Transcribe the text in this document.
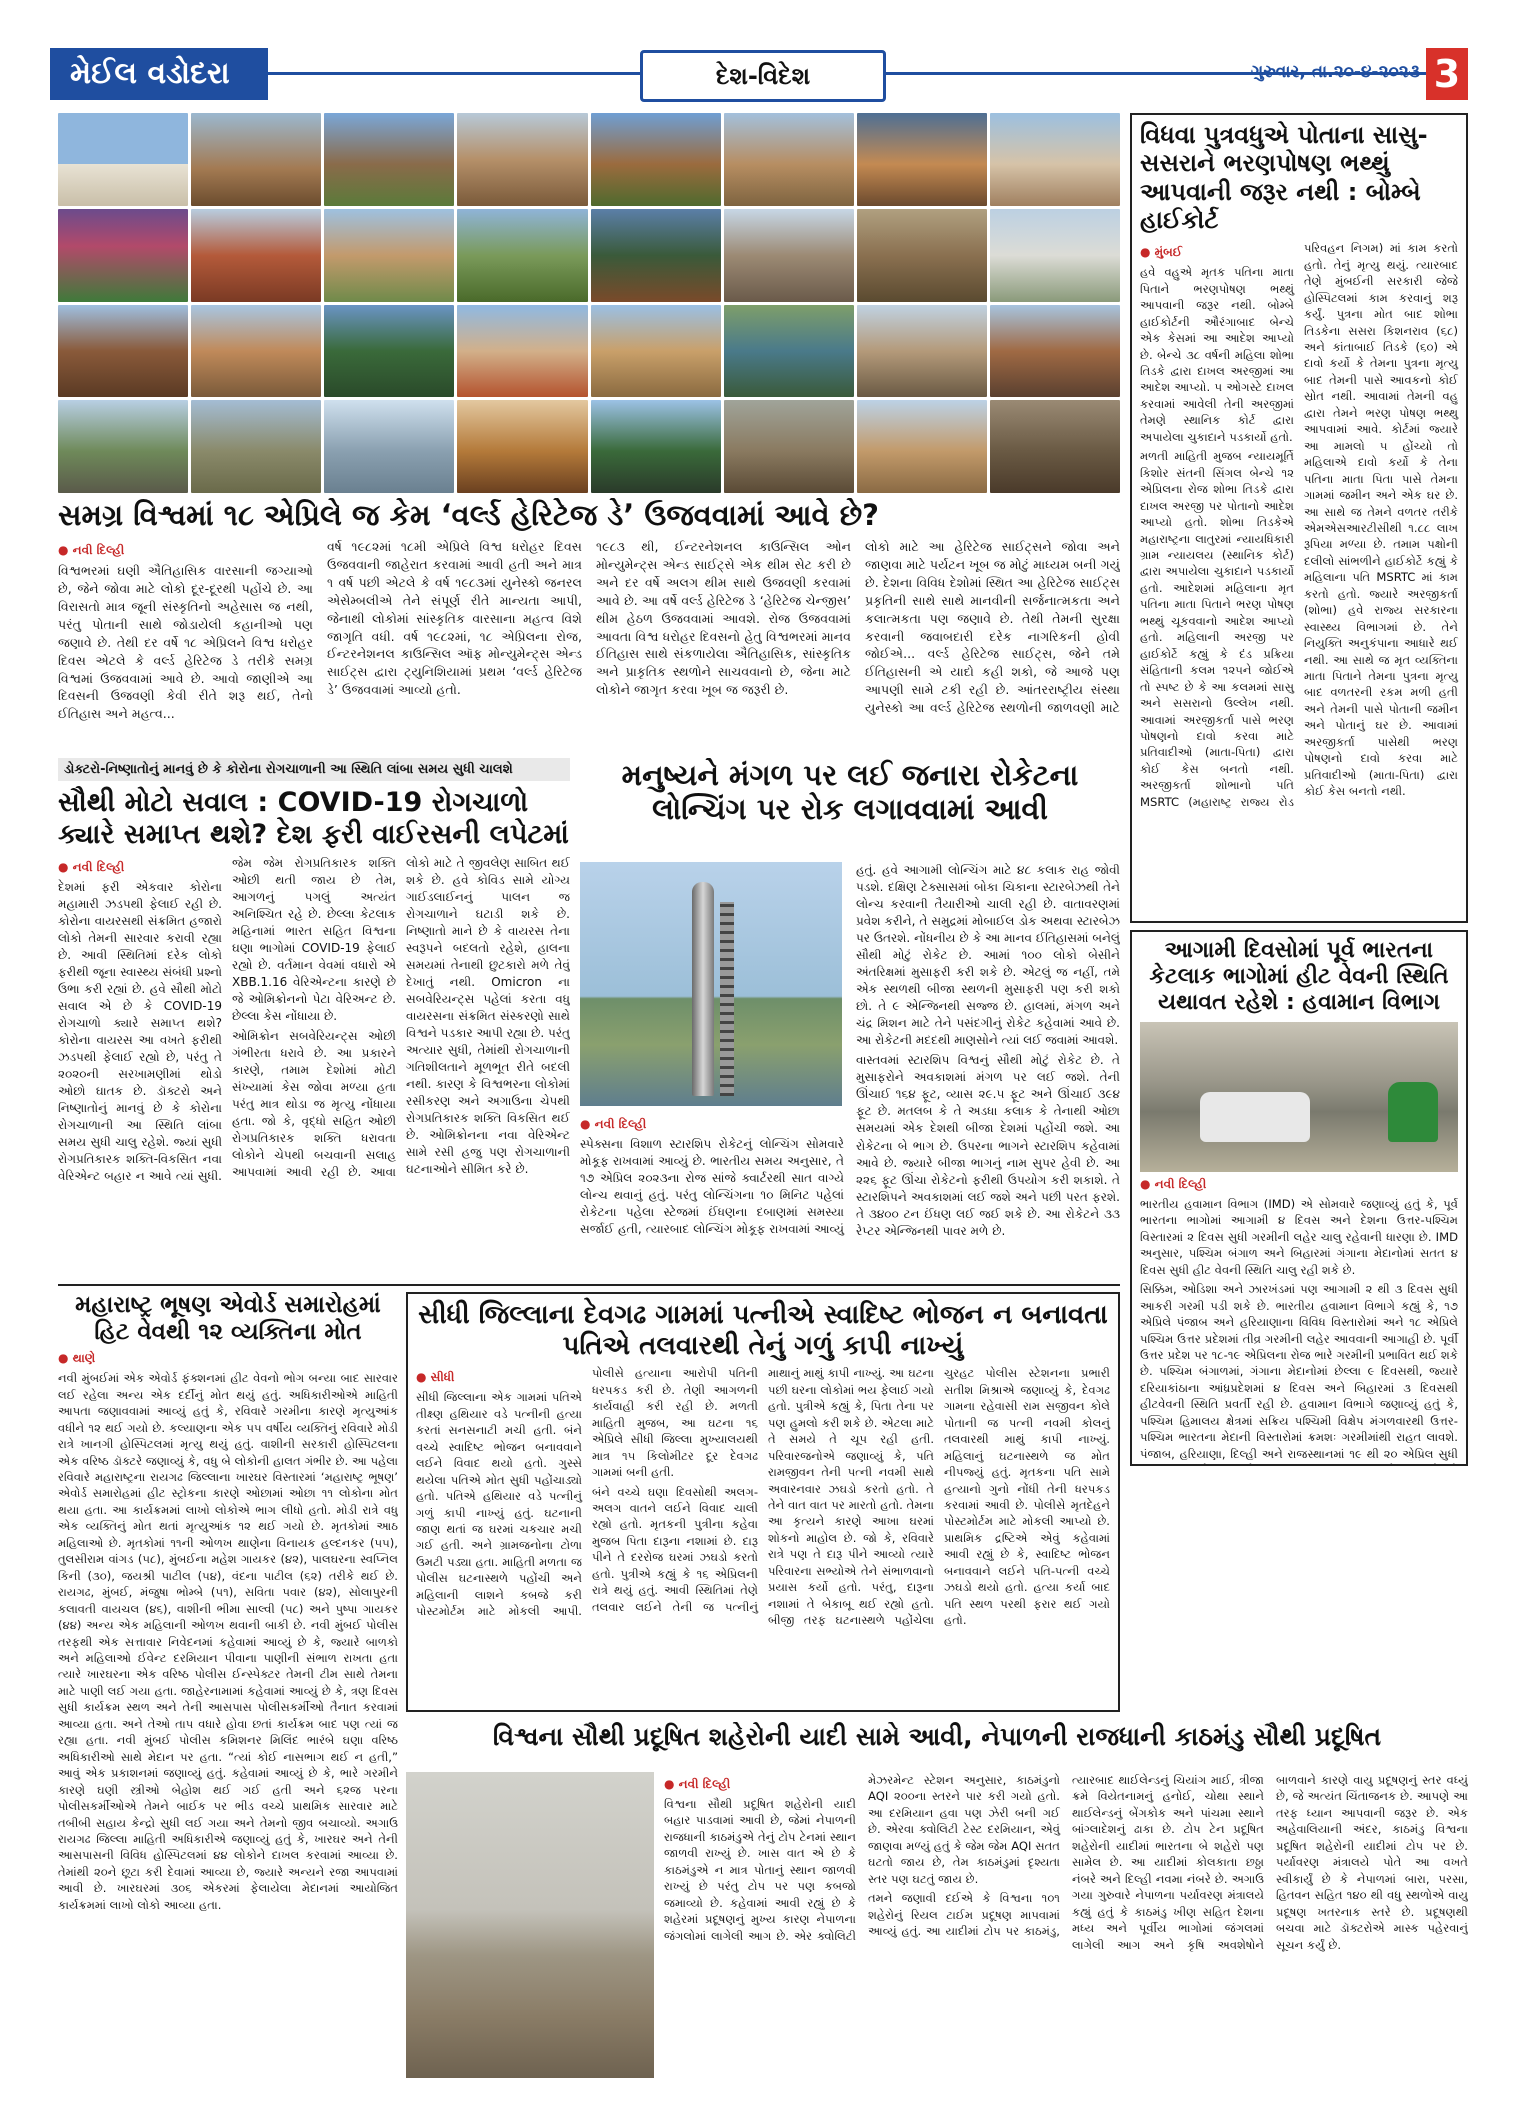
મેઈલ વડોદરા	દેશ-વિદેશ	ગુરુવાર, તા.૨૦-૪-૨૦૨૩ 3
સમગ્ર વિશ્વમાં ૧૮ એપ્રિલે જ કેમ ‘વર્લ્ડ હેરિટેજ ડે’ ઉજવવામાં આવે છે?
● નવી દિલ્હી

વિશ્વભરમાં ઘણી ઐતિહાસિક વારસાની જગ્યાઓ છે, જેને જોવા માટે લોકો દૂર-દૂરથી પહોંચે છે. આ વિરાસતો માત્ર જૂની સંસ્કૃતિનો અહેસાસ જ નથી, પરંતુ પોતાની સાથે જોડાયેલી કહાનીઓ પણ જણાવે છે. તેથી દર વર્ષે ૧૮ એપ્રિલને વિશ્વ ધરોહર દિવસ એટલે કે વર્લ્ડ હેરિટેજ ડે તરીકે સમગ્ર વિશ્વમાં ઉજવવામાં આવે છે. આવો જાણીએ આ દિવસની ઉજવણી કેવી રીતે શરૂ થઈ, તેનો ઈતિહાસ અને મહત્વ...

વર્ષ ૧૯૮૨માં ૧૮મી એપ્રિલે વિશ્વ ધરોહર દિવસ ઉજવવાની જાહેરાત કરવામાં આવી હતી અને માત્ર ૧ વર્ષ પછી એટલે કે વર્ષ ૧૯૮૩માં યુનેસ્કો જનરલ એસેમ્બલીએ તેને સંપૂર્ણ રીતે માન્યતા આપી, જેનાથી લોકોમાં સાંસ્કૃતિક વારસાના મહત્વ વિશે જાગૃતિ વધી. વર્ષ ૧૯૮૨માં, ૧૮ એપ્રિલના રોજ, ઈન્ટરનેશનલ કાઉન્સિલ ઑફ મોન્યુમેન્ટ્સ એન્ડ સાઈટ્સ દ્વારા ટ્યુનિશિયામાં પ્રથમ ‘વર્લ્ડ હેરિટેજ ડે’ ઉજવવામાં આવ્યો હતો.

૧૯૮૩ થી, ઈન્ટરનેશનલ કાઉન્સિલ ઓન મોન્યુમેન્ટ્સ એન્ડ સાઈટ્સે એક થીમ સેટ કરી છે અને દર વર્ષે અલગ થીમ સાથે ઉજવણી કરવામાં આવે છે. આ વર્ષે વર્લ્ડ હેરિટેજ ડે ‘હેરિટેજ ચેન્જીસ’ થીમ હેઠળ ઉજવવામાં આવશે. રોજ ઉજવવામાં આવતા વિશ્વ ધરોહર દિવસનો હેતુ વિશ્વભરમાં માનવ ઈતિહાસ સાથે સંકળાયેલા ઐતિહાસિક, સાંસ્કૃતિક અને પ્રાકૃતિક સ્થળોને સાચવવાનો છે, જેના માટે લોકોને જાગૃત કરવા ખૂબ જ જરૂરી છે.

લોકો માટે આ હેરિટેજ સાઈટ્સને જોવા અને જાણવા માટે પર્યટન ખૂબ જ મોટું માધ્યમ બની ગયું છે. દેશના વિવિધ દેશોમાં સ્થિત આ હેરિટેજ સાઈટ્સ પ્રકૃતિની સાથે સાથે માનવીની સર્જનાત્મકતા અને કલાત્મકતા પણ જણાવે છે. તેથી તેમની સુરક્ષા કરવાની જવાબદારી દરેક નાગરિકની હોવી જોઈએ... વર્લ્ડ હેરિટેજ સાઈટ્સ, જેને તમે ઈતિહાસની એ યાદો કહી શકો, જે આજે પણ આપણી સામે ટકી રહી છે. આંતરરાષ્ટ્રીય સંસ્થા યુનેસ્કો આ વર્લ્ડ હેરિટેજ સ્થળોની જાળવણી માટે

વિધવા પુત્રવધુએ પોતાના સાસુ-સસરાને ભરણપોષણ ભથ્થું આપવાની જરૂર નથી : બોમ્બે હાઈકોર્ટ
● મુંબઈ

હવે વહુએ મૃતક પતિના માતા પિતાને ભરણપોષણ ભથ્થું આપવાની જરૂર નથી. બોમ્બે હાઈકોર્ટની ઔરંગાબાદ બેન્ચે એક કેસમાં આ આદેશ આપ્યો છે. બેન્ચે ૩૮ વર્ષની મહિલા શોભા તિડકે દ્વારા દાખલ અરજીમાં આ આદેશ આપ્યો. ૫ ઓગસ્ટે દાખલ કરવામાં આવેલી તેની અરજીમાં તેમણે સ્થાનિક કોર્ટ દ્વારા અપાયેલા ચુકાદાને પડકાર્યો હતો.

મળતી માહિતી મુજબ ન્યાયમૂર્તિ કિશોર સંતની સિંગલ બેન્ચે ૧૨ એપ્રિલના રોજ શોભા તિડકે દ્વારા દાખલ અરજી પર પોતાનો આદેશ આપ્યો હતો. શોભા તિડકેએ મહારાષ્ટ્રના લાતુરમાં ન્યાયધિકારી ગ્રામ ન્યાયલય (સ્થાનિક કોર્ટ) દ્વારા અપાયેલા ચુકાદાને પડકાર્યો હતો. આદેશમાં મહિલાના મૃત પતિના માતા પિતાને ભરણ પોષણ ભથ્થું ચૂકવવાનો આદેશ આપ્યો હતો. મહિલાની અરજી પર હાઈકોર્ટે કહ્યું કે દંડ પ્રક્રિયા સંહિતાની કલમ ૧૨૫ને જોઈએ તો સ્પષ્ટ છે કે આ કલમમાં સાસુ અને સસરાનો ઉલ્લેખ નથી. આવામાં અરજીકર્તા પાસે ભરણ પોષણનો દાવો કરવા માટે પ્રતિવાદીઓ (માતા-પિતા) દ્વારા કોઈ કેસ બનતો નથી. અરજીકર્તા શોભાનો પતિ MSRTC (મહારાષ્ટ્ર રાજ્ય રોડ પરિવહન નિગમ) માં કામ કરતો હતો. તેનું મૃત્યુ થયું. ત્યારબાદ તેણે મુંબઈની સરકારી જેજે હોસ્પિટલમાં કામ કરવાનું શરૂ કર્યું. પુત્રના મોત બાદ શોભા તિડકેના સસરા કિશનરાવ (૬૮) અને કાંતાબાઈ તિડકે (૬૦) એ દાવો કર્યો કે તેમના પુત્રના મૃત્યુ બાદ તેમની પાસે આવકનો કોઈ સ્રોત નથી. આવામાં તેમની વહુ દ્વારા તેમને ભરણ પોષણ ભથ્થુ આપવામાં આવે. કોર્ટમાં જ્યારે આ મામલો ૫ હોંચ્યો તો મહિલાએ દાવો કર્યો કે તેના પતિના માતા પિતા પાસે તેમના ગામમાં જમીન અને એક ઘર છે. આ સાથે જ તેમને વળતર તરીકે એમએસઆરટીસીથી ૧.૮૮ લાખ રૂપિયા મળ્યા છે. તમામ પક્ષોની દલીલો સાંભળીને હાઈકોર્ટે કહ્યું કે મહિલાના પતિ MSRTC માં કામ કરતો હતો. જ્યારે અરજીકર્તા (શોભા) હવે રાજ્ય સરકારના સ્વાસ્થ્ય વિભાગમાં છે. તેને નિયુક્તિ અનુકંપાના આધારે થઈ નથી. આ સાથે જ મૃત વ્યક્તિના માતા પિતાને તેમના પુત્રના મૃત્યુ બાદ વળતરની રકમ મળી હતી અને તેમની પાસે પોતાની જમીન અને પોતાનું ઘર છે. આવામાં અરજીકર્તા પાસેથી ભરણ પોષણનો દાવો કરવા માટે પ્રતિવાદીઓ (માતા-પિતા) દ્વારા કોઈ કેસ બનતો નથી.

ડોક્ટરો-નિષ્ણાતોનું માનવું છે કે કોરોના રોગચાળાની આ સ્થિતિ લાંબા સમય સુધી ચાલશે
સૌથી મોટો સવાલ : COVID-19 રોગચાળો ક્યારે સમાપ્ત થશે? દેશ ફરી વાઈરસની લપેટમાં
● નવી દિલ્હી

દેશમાં ફરી એકવાર કોરોના મહામારી ઝડપથી ફેલાઈ રહી છે. કોરોના વાયરસથી સંક્રમિત હજારો લોકો તેમની સારવાર કરાવી રહ્યા છે. આવી સ્થિતિમાં દરેક લોકો ફરીથી જૂના સ્વાસ્થ્ય સંબંધી પ્રશ્નો ઉભા કરી રહ્યાં છે. હવે સૌથી મોટો સવાલ એ છે કે COVID-19 રોગચાળો ક્યારે સમાપ્ત થશે? કોરોના વાયરસ આ વખતે ફરીથી ઝડપથી ફેલાઈ રહ્યો છે, પરંતુ તે ૨૦૨૦ની સરખામણીમાં થોડો ઓછો ઘાતક છે. ડૉક્ટરો અને નિષ્ણાતોનું માનવું છે કે કોરોના રોગચાળાની આ સ્થિતિ લાંબા સમય સુધી ચાલુ રહેશે. જ્યાં સુધી રોગપ્રતિકારક શક્તિ-વિકસિત નવા વેરિએન્ટ બહાર ન આવે ત્યાં સુધી. જેમ જેમ રોગપ્રતિકારક શક્તિ ઓછી થતી જાય છે તેમ, આગળનું પગલું અત્યંત અનિશ્ચિત રહે છે. છેલ્લા કેટલાક મહિનામાં ભારત સહિત વિશ્વના ઘણા ભાગોમાં COVID-19 ફેલાઈ રહ્યો છે. વર્તમાન વેવમાં વધારો એ XBB.1.16 વેરિએન્ટના કારણે છે જે ઓમિક્રોનનો પેટા વેરિઅન્ટ છે. છેલ્લા કેસ નોંધાયા છે.

ઓમિક્રોન સબવેરિયન્ટ્સ ઓછી ગંભીરતા ધરાવે છે. આ પ્રકારને કારણે, તમામ દેશોમાં મોટી સંખ્યામાં કેસ જોવા મળ્યા હતા પરંતુ માત્ર થોડા જ મૃત્યુ નોંધાયા હતા. જો કે, વૃદ્ધો સહિત ઓછી રોગપ્રતિકારક શક્તિ ધરાવતા લોકોને ચેપથી બચવાની સલાહ આપવામાં આવી રહી છે. આવા લોકો માટે તે જીવલેણ સાબિત થઈ શકે છે. હવે કોવિડ સામે યોગ્ય ગાઈડલાઈનનું પાલન જ રોગચાળાને ઘટાડી શકે છે. નિષ્ણાતો માને છે કે વાયરસ તેના સ્વરૂપને બદલતો રહેશે, હાલના સમયમાં તેનાથી છુટકારો મળે તેવું દેખાતું નથી. Omicron ના સબવેરિયન્ટ્સ પહેલાં કરતા વધુ વાયરસના સંક્રમિત સંસ્કરણો સાથે વિશ્વને પડકાર આપી રહ્યા છે. પરંતુ અત્યાર સુધી, તેમાંથી રોગચાળાની ગતિશીલતાને મૂળભૂત રીતે બદલી નથી. કારણ કે વિશ્વભરના લોકોમાં રસીકરણ અને અગાઉના ચેપથી રોગપ્રતિકારક શક્તિ વિકસિત થઈ છે. ઓમિક્રોનના નવા વેરિએન્ટ સામે રસી હજુ પણ રોગચાળાની ઘટનાઓને સીમિત કરે છે.

મનુષ્યને મંગળ પર લઈ જનારા રોકેટના લોન્ચિંગ પર રોક લગાવવામાં આવી
● નવી દિલ્હી

સ્પેક્સના વિશાળ સ્ટારશિપ રોકેટનું લોન્ચિંગ સોમવારે મોકૂફ રાખવામાં આવ્યું છે. ભારતીય સમય અનુસાર, તે ૧૭ એપ્રિલ ૨૦૨૩ના રોજ સાંજે ક્વાર્ટરથી સાત વાગ્યે લોન્ચ થવાનું હતું. પરંતુ લોન્ચિંગના ૧૦ મિનિટ પહેલાં રોકેટના પહેલા સ્ટેજમાં ઈંધણના દબાણમાં સમસ્યા સર્જાઈ હતી, ત્યારબાદ લોન્ચિંગ મોકૂફ રાખવામાં આવ્યું હતું. હવે આગામી લોન્ચિંગ માટે ૪૮ કલાક રાહ જોવી પડશે. દક્ષિણ ટેક્સાસમાં બોકા ચિકાના સ્ટારબેઝથી તેને લોન્ચ કરવાની તૈયારીઓ ચાલી રહી છે. વાતાવરણમાં પ્રવેશ કરીને, તે સમુદ્રમાં મોબાઈલ ડોક અથવા સ્ટારબેઝ પર ઉતરશે. નોંધનીય છે કે આ માનવ ઈતિહાસમાં બનેલું સૌથી મોટું રોકેટ છે. આમાં ૧૦૦ લોકો બેસીને અંતરિક્ષમાં મુસાફરી કરી શકે છે. એટલું જ નહીં, તમે એક સ્થળથી બીજા સ્થળની મુસાફરી પણ કરી શકો છો. તે ૯ એન્જિનથી સજ્જ છે. હાલમાં, મંગળ અને ચંદ્ર મિશન માટે તેને પસંદગીનું રોકેટ કહેવામાં આવે છે. આ રોકેટની મદદથી માણસોને ત્યાં લઈ જવામાં આવશે.

વાસ્તવમાં સ્ટારશિપ વિશ્વનું સૌથી મોટું રોકેટ છે. તે મુસાફરોને અવકાશમાં મંગળ પર લઈ જશે. તેની ઊંચાઈ ૧૬૪ ફૂટ, વ્યાસ ૨૯.૫ ફૂટ અને ઊંચાઈ ૩૯૪ ફૂટ છે. મતલબ કે તે અડધા કલાક કે તેનાથી ઓછા સમયમાં એક દેશથી બીજા દેશમાં પહોંચી જશે. આ રોકેટના બે ભાગ છે. ઉપરના ભાગને સ્ટારશિપ કહેવામાં આવે છે. જ્યારે બીજા ભાગનું નામ સુપર હેવી છે. આ ૨૨૬ ફૂટ ઊંચા રોકેટનો ફરીથી ઉપયોગ કરી શકાશે. તે સ્ટારશિપને અવકાશમાં લઈ જશે અને પછી પરત ફરશે. તે ૩૪૦૦ ટન ઈંધણ લઈ જઈ શકે છે. આ રોકેટને ૩૩ રેપ્ટર એન્જિનથી પાવર મળે છે.

આગામી દિવસોમાં પૂર્વ ભારતના કેટલાક ભાગોમાં હીટ વેવની સ્થિતિ યથાવત રહેશે : હવામાન વિભાગ
● નવી દિલ્હી

ભારતીય હવામાન વિભાગ (IMD) એ સોમવારે જણાવ્યું હતું કે, પૂર્વ ભારતના ભાગોમાં આગામી ૪ દિવસ અને દેશના ઉત્તર-પશ્ચિમ વિસ્તારમાં ૨ દિવસ સુધી ગરમીની લહેર ચાલુ રહેવાની ધારણા છે. IMD અનુસાર, ૫શ્ચિમ બંગાળ અને બિહારમાં ગંગાના મેદાનોમાં સતત ૪ દિવસ સુધી હીટ વેવની સ્થિતિ ચાલુ રહી શકે છે.

સિક્કિમ, ઓડિશા અને ઝારખંડમાં પણ આગામી ૨ થી ૩ દિવસ સુધી આકરી ગરમી પડી શકે છે. ભારતીય હવામાન વિભાગે કહ્યું કે, ૧૭ એપ્રિલે પંજાબ અને હરિયાણાના વિવિધ વિસ્તારોમાં અને ૧૮ એપ્રિલે પશ્ચિમ ઉત્તર પ્રદેશમાં તીવ્ર ગરમીની લહેર આવવાની આગાહી છે. પૂર્વી ઉત્તર પ્રદેશ પર ૧૮-૧૯ એપ્રિલના રોજ ભારે ગરમીની પ્રભાવિત થઈ શકે છે. પશ્ચિમ બંગાળમાં, ગંગાના મેદાનોમાં છેલ્લા ૯ દિવસથી, જ્યારે દરિયાકાંઠાના આંધ્રપ્રદેશમાં ૪ દિવસ અને બિહારમાં ૩ દિવસથી હીટવેવની સ્થિતિ પ્રવર્તી રહી છે. હવામાન વિભાગે જણાવ્યું હતું કે, પશ્ચિમ હિમાલય ક્ષેત્રમાં સક્રિય પશ્ચિમી વિક્ષેપ મંગળવારથી ઉત્તર-પશ્ચિમ ભારતના મેદાની વિસ્તારોમાં ક્રમશઃ ગરમીમાંથી રાહત લાવશે. પંજાબ, હરિયાણા, દિલ્હી અને રાજસ્થાનમાં ૧૯ થી ૨૦ એપ્રિલ સુધી

મહારાષ્ટ્ર ભૂષણ એવોર્ડ સમારોહમાં હિટ વેવથી ૧૨ વ્યક્તિના મોત
● થાણે

નવી મુંબઈમાં એક એવોર્ડ ફંક્શનમાં હીટ વેવનો ભોગ બન્યા બાદ સારવાર લઈ રહેલા અન્ય એક દર્દીનું મોત થયું હતું. અધિકારીઓએ માહિતી આપતા જણાવવામાં આવ્યું હતું કે, રવિવારે ગરમીના કારણે મૃત્યુઆંક વધીને ૧૨ થઈ ગયો છે. કલ્યાણના એક ૫૫ વર્ષીય વ્યક્તિનું રવિવારે મોડી રાત્રે ખાનગી હોસ્પિટલમાં મૃત્યુ થયું હતું. વાશીની સરકારી હોસ્પિટલના એક વરિષ્ઠ ડૉક્ટરે જણાવ્યું કે, વધુ બે લોકોની હાલત ગંભીર છે. આ પહેલા રવિવારે મહારાષ્ટ્રના રાયગઢ જિલ્લાના ખારઘર વિસ્તારમાં ‘મહારાષ્ટ્ર ભૂષણ’ એવોર્ડ સમારોહમાં હીટ સ્ટ્રોકના કારણે ઓછામાં ઓછા ૧૧ લોકોના મોત થયા હતા. આ કાર્યક્રમમાં લાખો લોકોએ ભાગ લીધો હતો. મોડી રાત્રે વધુ એક વ્યક્તિનું મોત થતાં મૃત્યુઆંક ૧૨ થઈ ગયો છે. મૃતકોમાં આઠ મહિલાઓ છે. મૃતકોમાં ૧૧ની ઓળખ થાણેના વિનાયક હલ્દનકર (૫૫), તુલસીરામ વાંગડ (૫૮), મુંબઈના મહેશ ગાયકર (૪૨), પાલઘરના સ્વપ્નિલ કિની (૩૦), જયશ્રી પાટીલ (૫૪), વંદના પાટીલ (૬૨) તરીકે થઈ છે. રાયગઢ, મુંબઈ, મંજુષા ભોમ્બે (૫૧), સવિતા પવાર (૪૨), સોલાપુરની કલાવતી વાયચલ (૪૬), વાશીની ભીમા સાલ્વી (૫૮) અને પુષ્પા ગાયકર (૪૪) અન્ય એક મહિલાની ઓળખ થવાની બાકી છે. નવી મુંબઈ પોલીસ તરફથી એક સત્તાવાર નિવેદનમાં કહેવામાં આવ્યું છે કે, જ્યારે બાળકો અને મહિલાઓ ઈવેન્ટ દરમિયાન પીવાના પાણીની સંભાળ રાખતા હતા ત્યારે ખારઘરના એક વરિષ્ઠ પોલીસ ઈન્સ્પેક્ટર તેમની ટીમ સાથે તેમના માટે પાણી લઈ ગયા હતા. જાહેરનામામાં કહેવામાં આવ્યું છે કે, ત્રણ દિવસ સુધી કાર્યક્રમ સ્થળ અને તેની આસપાસ પોલીસકર્મીઓ તૈનાત કરવામાં આવ્યા હતા. અને તેઓ તાપ વધારે હોવા છતાં કાર્યક્રમ બાદ પણ ત્યાં જ રહ્યા હતા. નવી મુંબઈ પોલીસ કમિશનર મિલિંદ ભારંબે ઘણા વરિષ્ઠ અધિકારીઓ સાથે મેદાન પર હતા. “ત્યાં કોઈ નાસભાગ થઈ ન હતી,” આવું એક પ્રકાશનમાં જણાવ્યું હતું. કહેવામાં આવ્યું છે કે, ભારે ગરમીને કારણે ઘણી સ્ત્રીઓ બેહોશ થઈ ગઈ હતી અને ૬૨જ પરના પોલીસકર્મીઓએ તેમને બાઈક પર ભીડ વચ્ચે પ્રાથમિક સારવાર માટે તબીબી સહાય કેન્દ્રો સુધી લઈ ગયા અને તેમનો જીવ બચાવ્યો. અગાઉ રાયગઢ જિલ્લા માહિતી અધિકારીએ જણાવ્યું હતું કે, ખારઘર અને તેની આસપાસની વિવિધ હોસ્પિટલમાં ૪૪ લોકોને દાખલ કરવામાં આવ્યા છે. તેમાંથી ૨૦ને છૂટા કરી દેવામાં આવ્યા છે, જ્યારે અન્યને રજા આપવામાં આવી છે. ખારઘરમાં ૩૦૬ એકરમાં ફેલાયેલા મેદાનમાં આયોજિત કાર્યક્રમમાં લાખો લોકો આવ્યા હતા.

સીધી જિલ્લાના દેવગઢ ગામમાં પત્નીએ સ્વાદિષ્ટ ભોજન ન બનાવતા પતિએ તલવારથી તેનું ગળું કાપી નાખ્યું
● સીધી

સીધી જિલ્લાના એક ગામમાં પતિએ તીક્ષ્ણ હથિયાર વડે પત્નીની હત્યા કરતાં સનસનાટી મચી હતી. બંને વચ્ચે સ્વાદિષ્ટ ભોજન બનાવવાને લઈને વિવાદ થયો હતો. ગુસ્સે થયેલા પતિએ મોત સુધી પહોંચાડ્યો હતો. પતિએ હથિયાર વડે પત્નીનું ગળું કાપી નાખ્યું હતું. ઘટનાની જાણ થતાં જ ઘરમાં ચકચાર મચી ગઈ હતી. અને ગ્રામજનોના ટોળા ઉમટી પડ્યા હતા. માહિતી મળતા જ પોલીસ ઘટનાસ્થળે પહોંચી અને મહિલાની લાશને કબજે કરી પોસ્ટમોર્ટમ માટે મોકલી આપી. પોલીસે હત્યાના આરોપી પતિની ધરપકડ કરી છે. તેણી આગળની કાર્યવાહી કરી રહી છે. મળતી માહિતી મુજબ, આ ઘટના ૧૬ એપ્રિલે સીધી જિલ્લા મુખ્યાલયથી માત્ર ૧૫ કિલોમીટર દૂર દેવગઢ ગામમાં બની હતી.

બંને વચ્ચે ઘણા દિવસોથી અલગ-અલગ વાતને લઈને વિવાદ ચાલી રહ્યો હતો. મૃતકની પુત્રીના કહેવા મુજબ પિતા દારૂના નશામાં છે. દારૂ પીને તે દરરોજ ઘરમાં ઝઘડો કરતો હતો. પુત્રીએ કહ્યું કે ૧૬ એપ્રિલની રાત્રે થયું હતું. આવી સ્થિતિમાં તેણે તલવાર લઈને તેની જ પત્નીનું માથાનું માથું કાપી નાખ્યું. આ ઘટના પછી ઘરના લોકોમાં ભય ફેલાઈ ગયો હતો. પુત્રીએ કહ્યું કે, પિતા તેના પર પણ હુમલો કરી શકે છે. એટલા માટે તે સમયે તે ચૂપ રહી હતી. પરિવારજનોએ જણાવ્યું કે, પતિ રામજીવન તેની પત્ની નવમી સાથે અવારનવાર ઝઘડો કરતો હતો. તે તેને વાત વાત પર મારતો હતો. તેમના આ કૃત્યને કારણે આખા ઘરમાં શોકનો માહોલ છે. જો કે, રવિવારે રાત્રે પણ તે દારૂ પીને આવ્યો ત્યારે પરિવારના સભ્યોએ તેને સંભાળવાનો પ્રયાસ કર્યો હતો. પરંતુ, દારૂના નશામાં તે બેકાબૂ થઈ રહ્યો હતો. બીજી તરફ ઘટનાસ્થળે પહોંચેલા ચુરહટ પોલીસ સ્ટેશનના પ્રભારી સતીશ મિશ્રાએ જણાવ્યું કે, દેવગઢ ગામના રહેવાસી રામ સજીવન કોલે પોતાની જ પત્ની નવમી કોલનું તલવારથી માથું કાપી નાખ્યું. મહિલાનું ઘટનાસ્થળે જ મોત નીપજ્યું હતું. મૃતકના પતિ સામે હત્યાનો ગુનો નોંધી તેની ધરપકડ કરવામાં આવી છે. પોલીસે મૃતદેહને પોસ્ટમોર્ટમ માટે મોકલી આપ્યો છે. પ્રાથમિક દ્રષ્ટિએ એવું કહેવામાં આવી રહ્યું છે કે, સ્વાદિષ્ટ ભોજન બનાવવાને લઈને પતિ-પત્ની વચ્ચે ઝઘડો થયો હતો. હત્યા કર્યા બાદ પતિ સ્થળ પરથી ફરાર થઈ ગયો હતો.

વિશ્વના સૌથી પ્રદૂષિત શહેરોની યાદી સામે આવી, નેપાળની રાજધાની કાઠમંડુ સૌથી પ્રદૂષિત
● નવી દિલ્હી

વિશ્વના સૌથી પ્રદૂષિત શહેરોની યાદી બહાર પાડવામાં આવી છે, જેમાં નેપાળની રાજધાની કાઠમંડુએ તેનું ટોપ ટેનમાં સ્થાન જાળવી રાખ્યું છે. ખાસ વાત એ છે કે કાઠમંડુએ ન માત્ર પોતાનું સ્થાન જાળવી રાખ્યું છે પરંતુ ટોપ પર પણ કબજો જમાવ્યો છે. કહેવામાં આવી રહ્યું છે કે શહેરમાં પ્રદૂષણનું મુખ્ય કારણ નેપાળના જંગલોમાં લાગેલી આગ છે. એર ક્વોલિટી મેઝરમેન્ટ સ્ટેશન અનુસાર, કાઠમંડુનો AQI ૨૦૦ના સ્તરને પાર કરી ગયો હતો. આ દરમિયાન હવા પણ ઝેરી બની ગઈ છે. એરવા ક્વોલિટી ટેસ્ટ દરમિયાન, એવું જાણવા મળ્યું હતું કે જેમ જેમ AQI સતત ઘટતો જાય છે, તેમ કાઠમંડુમાં દૃશ્યતા સ્તર પણ ઘટતું જાય છે.

તમને જણાવી દઈએ કે વિશ્વના ૧૦૧ શહેરોનું રિયલ ટાઈમ પ્રદૂષણ માપવામાં આવ્યું હતું. આ યાદીમાં ટોપ પર કાઠમંડુ, ત્યારબાદ થાઈલેન્ડનું ચિયાંગ માઈ, ત્રીજા ક્રમે વિયેતનામનું હનોઈ, ચોથા સ્થાને થાઈલેન્ડનું બેંગકોક અને પાંચમા સ્થાને બાંગ્લાદેશનું ઢાકા છે. ટોપ ટેન પ્રદૂષિત શહેરોની યાદીમાં ભારતના બે શહેરો પણ સામેલ છે. આ યાદીમાં કોલકાતા છઠ્ઠા નંબરે અને દિલ્હી નવમા નંબરે છે. અગાઉ ગયા ગુરુવારે નેપાળના પર્યાવરણ મંત્રાલયે કહ્યું હતું કે કાઠમંડુ ખીણ સહિત દેશના મધ્ય અને પૂર્વીય ભાગોમાં જંગલમાં લાગેલી આગ અને કૃષિ અવશેષોને બાળવાને કારણે વાયુ પ્રદૂષણનું સ્તર વધ્યું છે, જે અત્યંત ચિંતાજનક છે. આપણે આ તરફ ધ્યાન આપવાની જરૂર છે. એક અહેવાલિયાની અંદર, કાઠમંડુ વિશ્વના પ્રદૂષિત શહેરોની યાદીમાં ટોપ પર છે. પર્યાવરણ મંત્રાલયે પોતે આ વખતે સ્વીકાર્યું છે કે નેપાળમાં બારા, પરસા, હિતવન સહિત ૧૪૦ થી વધુ સ્થળોએ વાયુ પ્રદૂષણ ખતરનાક સ્તરે છે. પ્રદૂષણથી બચવા માટે ડૉક્ટરોએ માસ્ક પહેરવાનું સૂચન કર્યું છે.
